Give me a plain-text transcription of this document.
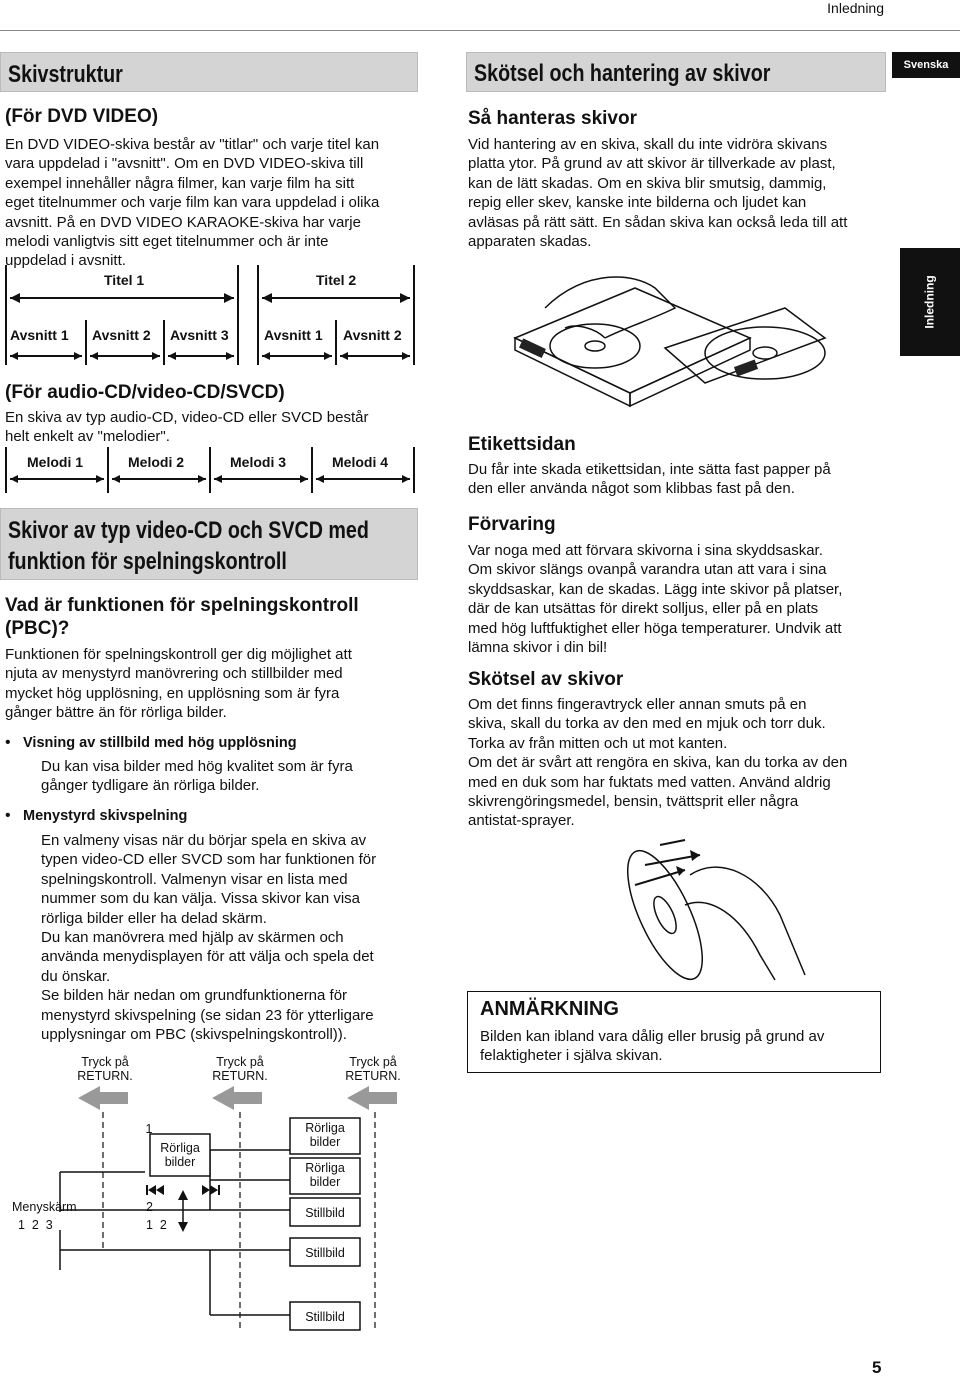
Inledning
Svenska
Inledning
Skivstruktur
(För DVD VIDEO)
En DVD VIDEO-skiva består av "titlar" och varje titel kan
vara uppdelad i "avsnitt". Om en DVD VIDEO-skiva till
exempel innehåller några filmer, kan varje film ha sitt
eget titelnummer och varje film kan vara uppdelad i olika
avsnitt. På en DVD VIDEO KARAOKE-skiva har varje
melodi vanligtvis sitt eget titelnummer och är inte
uppdelad i avsnitt.
Titel 1	Titel 2
Avsnitt 1 Avsnitt 2 Avsnitt 3	Avsnitt 1 Avsnitt 2
(För audio-CD/video-CD/SVCD)
En skiva av typ audio-CD, video-CD eller SVCD består
helt enkelt av "melodier".
Melodi 1	Melodi 2	Melodi 3	Melodi 4
Skivor av typ video-CD och SVCD med
funktion för spelningskontroll
Vad är funktionen för spelningskontroll
(PBC)?
Funktionen för spelningskontroll ger dig möjlighet att
njuta av menystyrd manövrering och stillbilder med
mycket hög upplösning, en upplösning som är fyra
gånger bättre än för rörliga bilder.
• Visning av stillbild med hög upplösning
Du kan visa bilder med hög kvalitet som är fyra
gånger tydligare än rörliga bilder.
• Menystyrd skivspelning
En valmeny visas när du börjar spela en skiva av
typen video-CD eller SVCD som har funktionen för
spelningskontroll. Valmenyn visar en lista med
nummer som du kan välja. Vissa skivor kan visa
rörliga bilder eller ha delad skärm.
Du kan manövrera med hjälp av skärmen och
använda menydisplayen för att välja och spela det
du önskar.
Se bilden här nedan om grundfunktionerna för
menystyrd skivspelning (se sidan 23 för ytterligare
upplysningar om PBC (skivspelningskontroll)).
Tryck på
RETURN.
Tryck på
RETURN.
Tryck på
RETURN.
1
Rörliga
bilder
Rörliga
bilder
Rörliga
bilder
Stillbild
Stillbild
Stillbild
Menyskärm
1  2  3
2
1  2
Skötsel och hantering av skivor
Så hanteras skivor
Vid hantering av en skiva, skall du inte vidröra skivans
platta ytor. På grund av att skivor är tillverkade av plast,
kan de lätt skadas. Om en skiva blir smutsig, dammig,
repig eller skev, kanske inte bilderna och ljudet kan
avläsas på rätt sätt. En sådan skiva kan också leda till att
apparaten skadas.
Etikettsidan
Du får inte skada etikettsidan, inte sätta fast papper på
den eller använda något som klibbas fast på den.
Förvaring
Var noga med att förvara skivorna i sina skyddsaskar.
Om skivor slängs ovanpå varandra utan att vara i sina
skyddsaskar, kan de skadas. Lägg inte skivor på platser,
där de kan utsättas för direkt solljus, eller på en plats
med hög luftfuktighet eller höga temperaturer. Undvik att
lämna skivor i din bil!
Skötsel av skivor
Om det finns fingeravtryck eller annan smuts på en
skiva, skall du torka av den med en mjuk och torr duk.
Torka av från mitten och ut mot kanten.
Om det är svårt att rengöra en skiva, kan du torka av den
med en duk som har fuktats med vatten. Använd aldrig
skivrengöringsmedel, bensin, tvättsprit eller några
antistat-sprayer.
ANMÄRKNING
Bilden kan ibland vara dålig eller brusig på grund av
felaktigheter i själva skivan.
5
